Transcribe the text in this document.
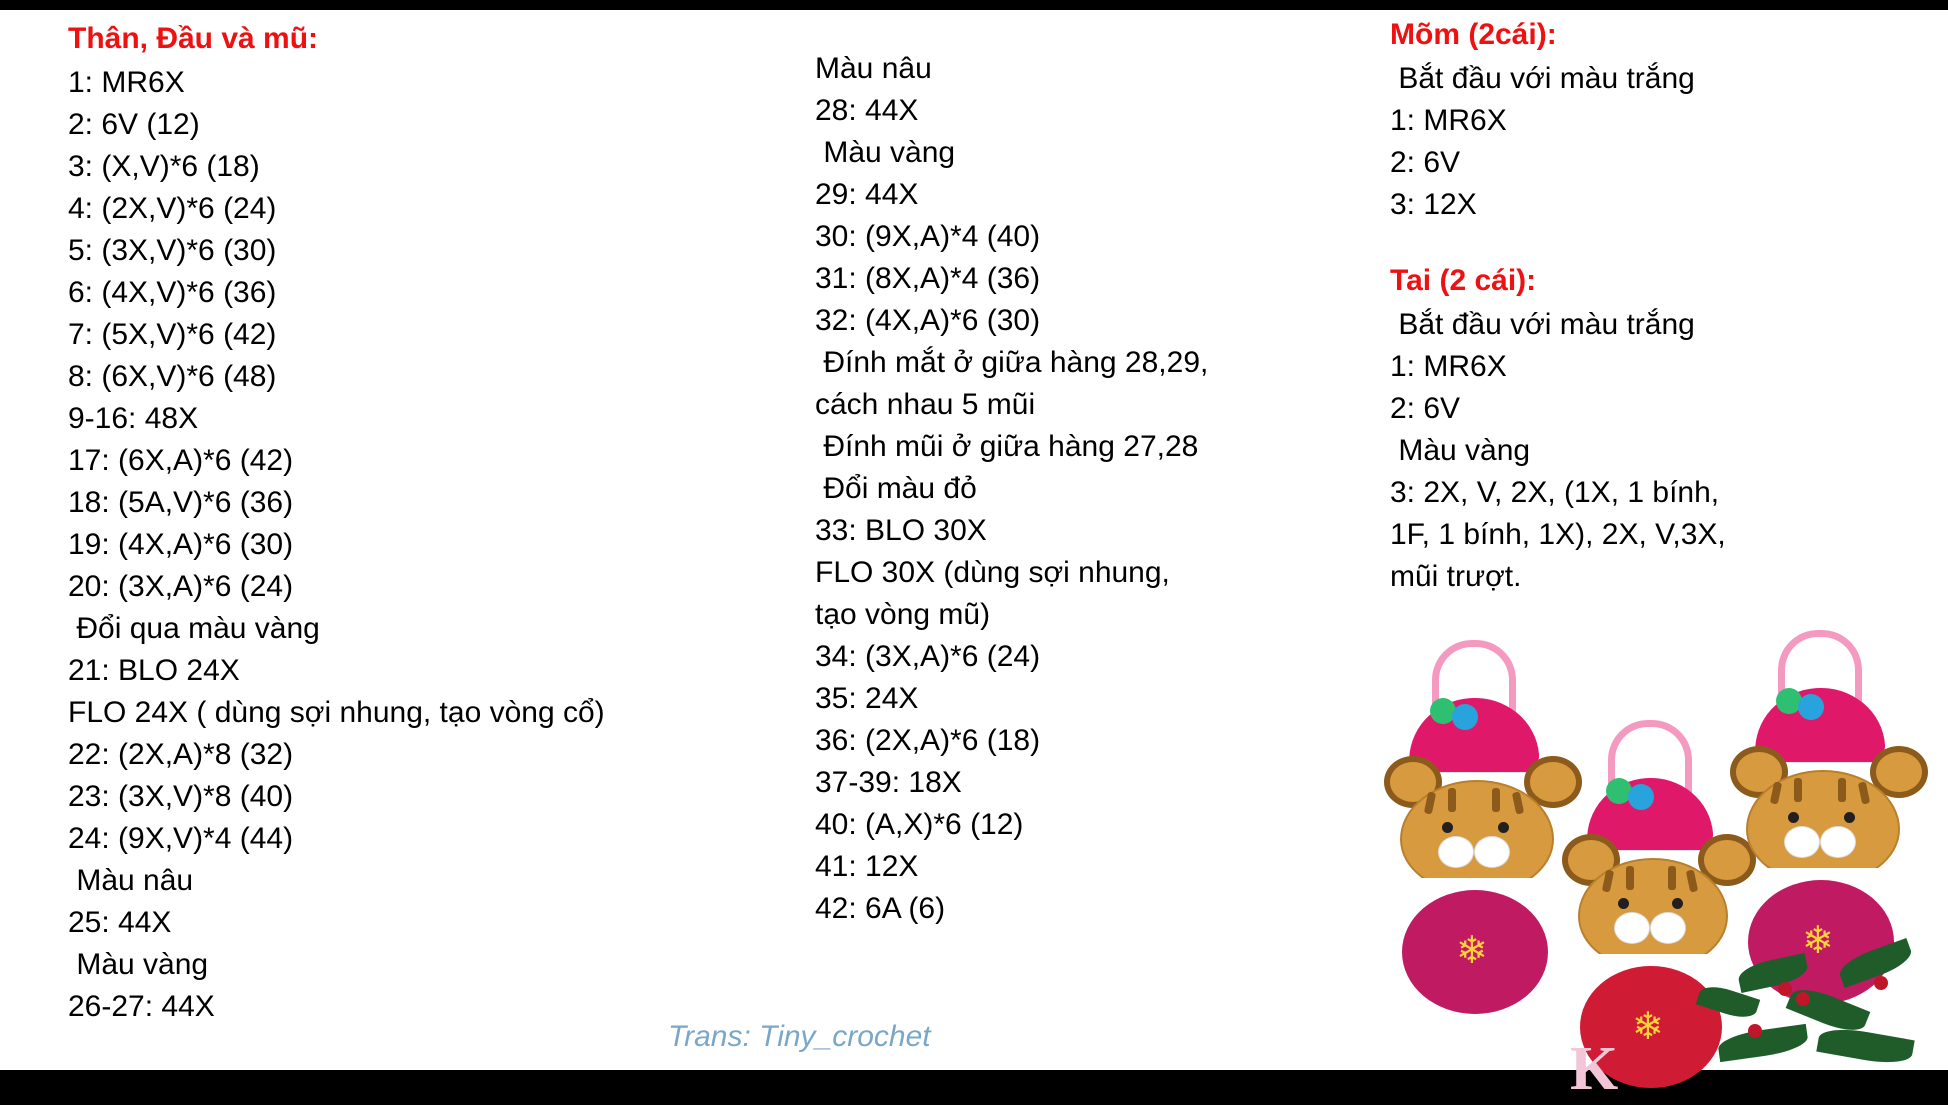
Thân, Đầu và mũ:

1: MR6X

2: 6V (12)

3: (X,V)*6 (18)

4: (2X,V)*6 (24)

5: (3X,V)*6 (30)

6: (4X,V)*6 (36)

7: (5X,V)*6 (42)

8: (6X,V)*6 (48)

9-16: 48X

17: (6X,A)*6 (42)

18: (5A,V)*6 (36)

19: (4X,A)*6 (30)

20: (3X,A)*6 (24)

Đổi qua màu vàng

21: BLO 24X

FLO 24X ( dùng sợi nhung, tạo vòng cổ)

22: (2X,A)*8 (32)

23: (3X,V)*8 (40)

24: (9X,V)*4 (44)

Màu nâu

25: 44X

Màu vàng

26-27: 44X

Màu nâu

28: 44X

Màu vàng

29: 44X

30: (9X,A)*4 (40)

31: (8X,A)*4 (36)

32: (4X,A)*6 (30)

Đính mắt ở giữa hàng 28,29,

cách nhau 5 mũi

Đính mũi ở giữa hàng 27,28

Đổi màu đỏ

33: BLO 30X

FLO 30X (dùng sợi nhung,

tạo vòng mũ)

34: (3X,A)*6 (24)

35: 24X

36: (2X,A)*6 (18)

37-39: 18X

40: (A,X)*6 (12)

41: 12X

42: 6A (6)

Mõm (2cái):

Bắt đầu với màu trắng

1: MR6X

2: 6V

3: 12X

Tai (2 cái):

Bắt đầu với màu trắng

1: MR6X

2: 6V

Màu vàng

3: 2X, V, 2X, (1X, 1 bính,

1F, 1 bính, 1X), 2X, V,3X,

mũi trượt.

Trans: Tiny_crochet
❄
❄
❄
K
